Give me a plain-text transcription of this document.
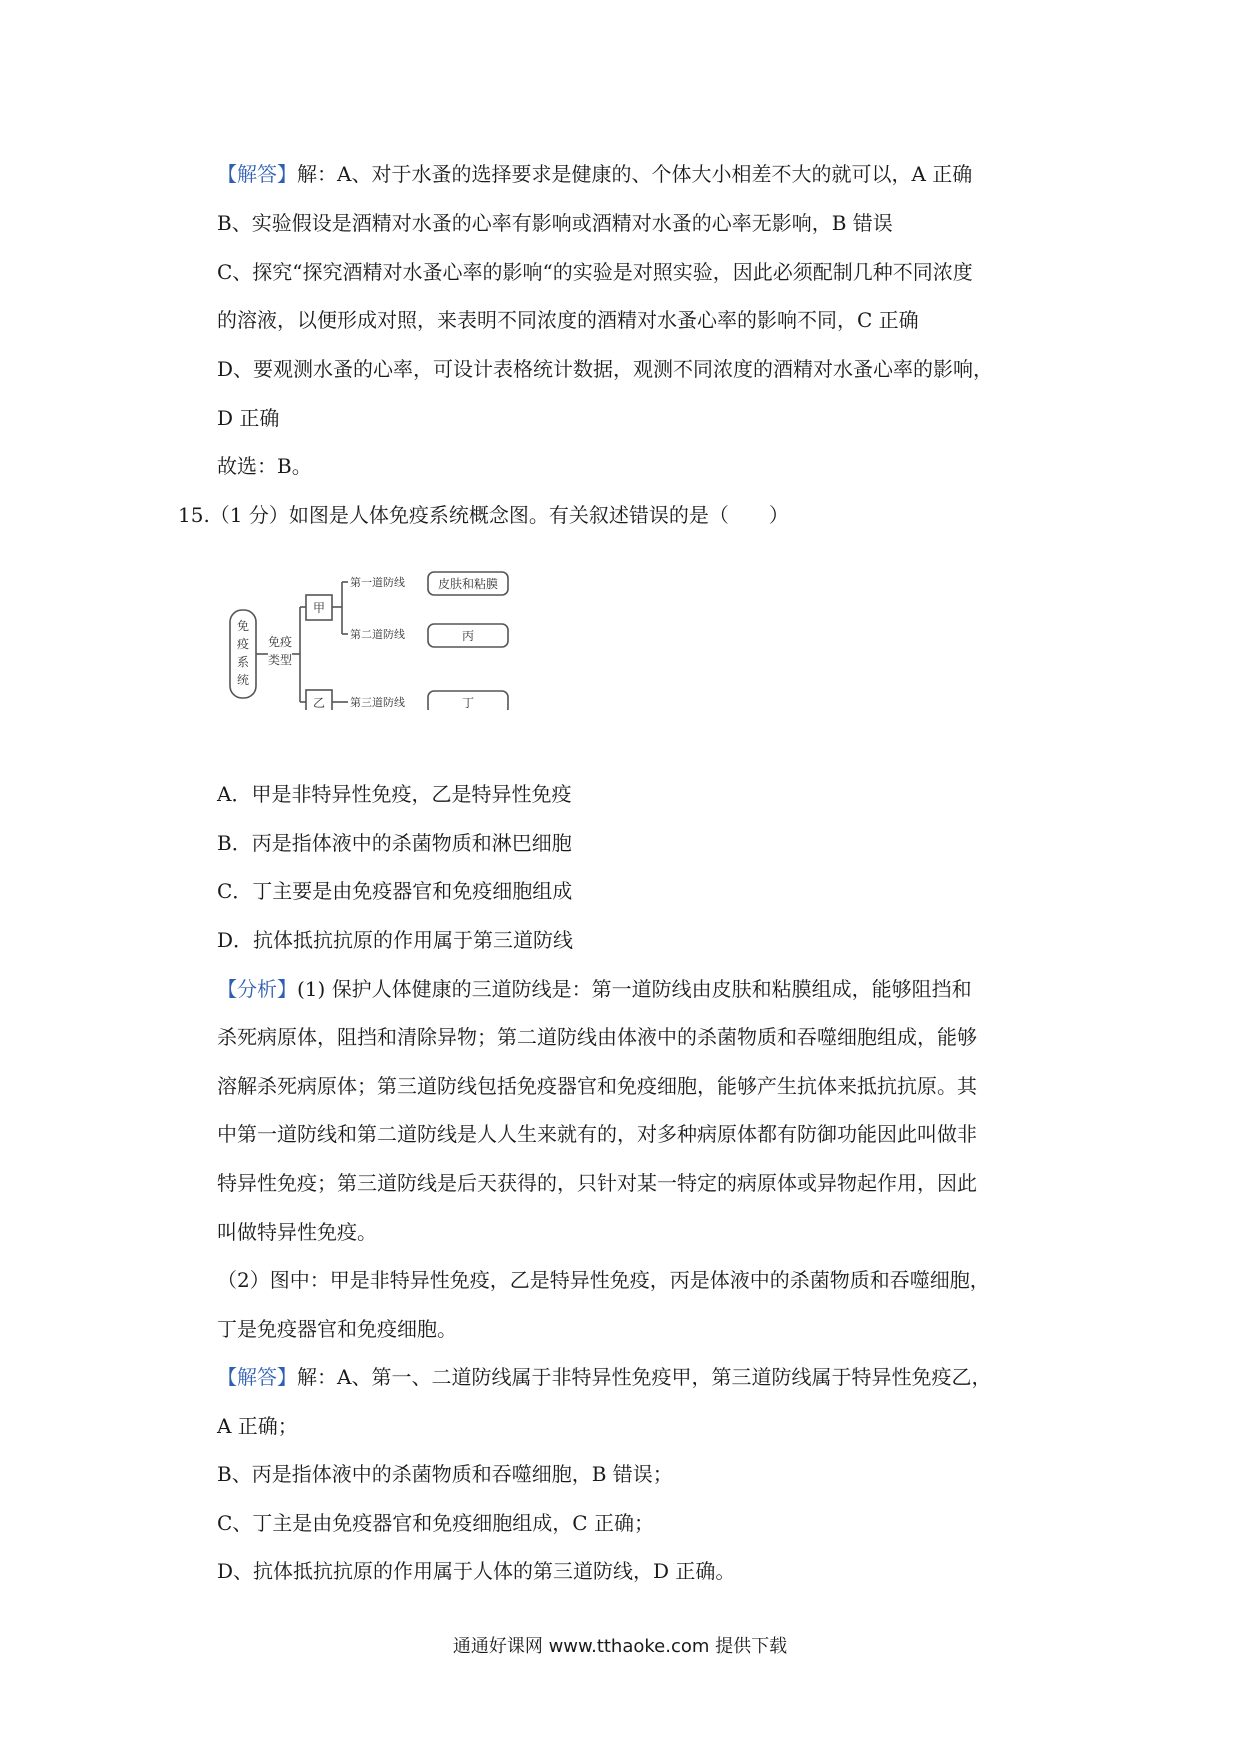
【解答】解：A、对于水蚤的选择要求是健康的、个体大小相差不大的就可以，A 正确
B、实验假设是酒精对水蚤的心率有影响或酒精对水蚤的心率无影响，B 错误
C、探究“探究酒精对水蚤心率的影响“的实验是对照实验，因此必须配制几种不同浓度
的溶液，以便形成对照，来表明不同浓度的酒精对水蚤心率的影响不同，C 正确
D、要观测水蚤的心率，可设计表格统计数据，观测不同浓度的酒精对水蚤心率的影响，
D 正确
故选：B。
15.（1 分）如图是人体免疫系统概念图。有关叙述错误的是（　　）
免
疫
系
统
免疫
类型
甲
乙
第一道防线
第二道防线
第三道防线
皮肤和粘膜
丙
丁
A．甲是非特异性免疫，乙是特异性免疫
B．丙是指体液中的杀菌物质和淋巴细胞
C．丁主要是由免疫器官和免疫细胞组成
D．抗体抵抗抗原的作用属于第三道防线
【分析】(1) 保护人体健康的三道防线是：第一道防线由皮肤和粘膜组成，能够阻挡和
杀死病原体，阻挡和清除异物；第二道防线由体液中的杀菌物质和吞噬细胞组成，能够
溶解杀死病原体；第三道防线包括免疫器官和免疫细胞，能够产生抗体来抵抗抗原。其
中第一道防线和第二道防线是人人生来就有的，对多种病原体都有防御功能因此叫做非
特异性免疫；第三道防线是后天获得的，只针对某一特定的病原体或异物起作用，因此
叫做特异性免疫。
（2）图中：甲是非特异性免疫，乙是特异性免疫，丙是体液中的杀菌物质和吞噬细胞，
丁是免疫器官和免疫细胞。
【解答】解：A、第一、二道防线属于非特异性免疫甲，第三道防线属于特异性免疫乙，
A 正确；
B、丙是指体液中的杀菌物质和吞噬细胞，B 错误；
C、丁主是由免疫器官和免疫细胞组成，C 正确；
D、抗体抵抗抗原的作用属于人体的第三道防线，D 正确。
通通好课网 www.tthaoke.com 提供下载
